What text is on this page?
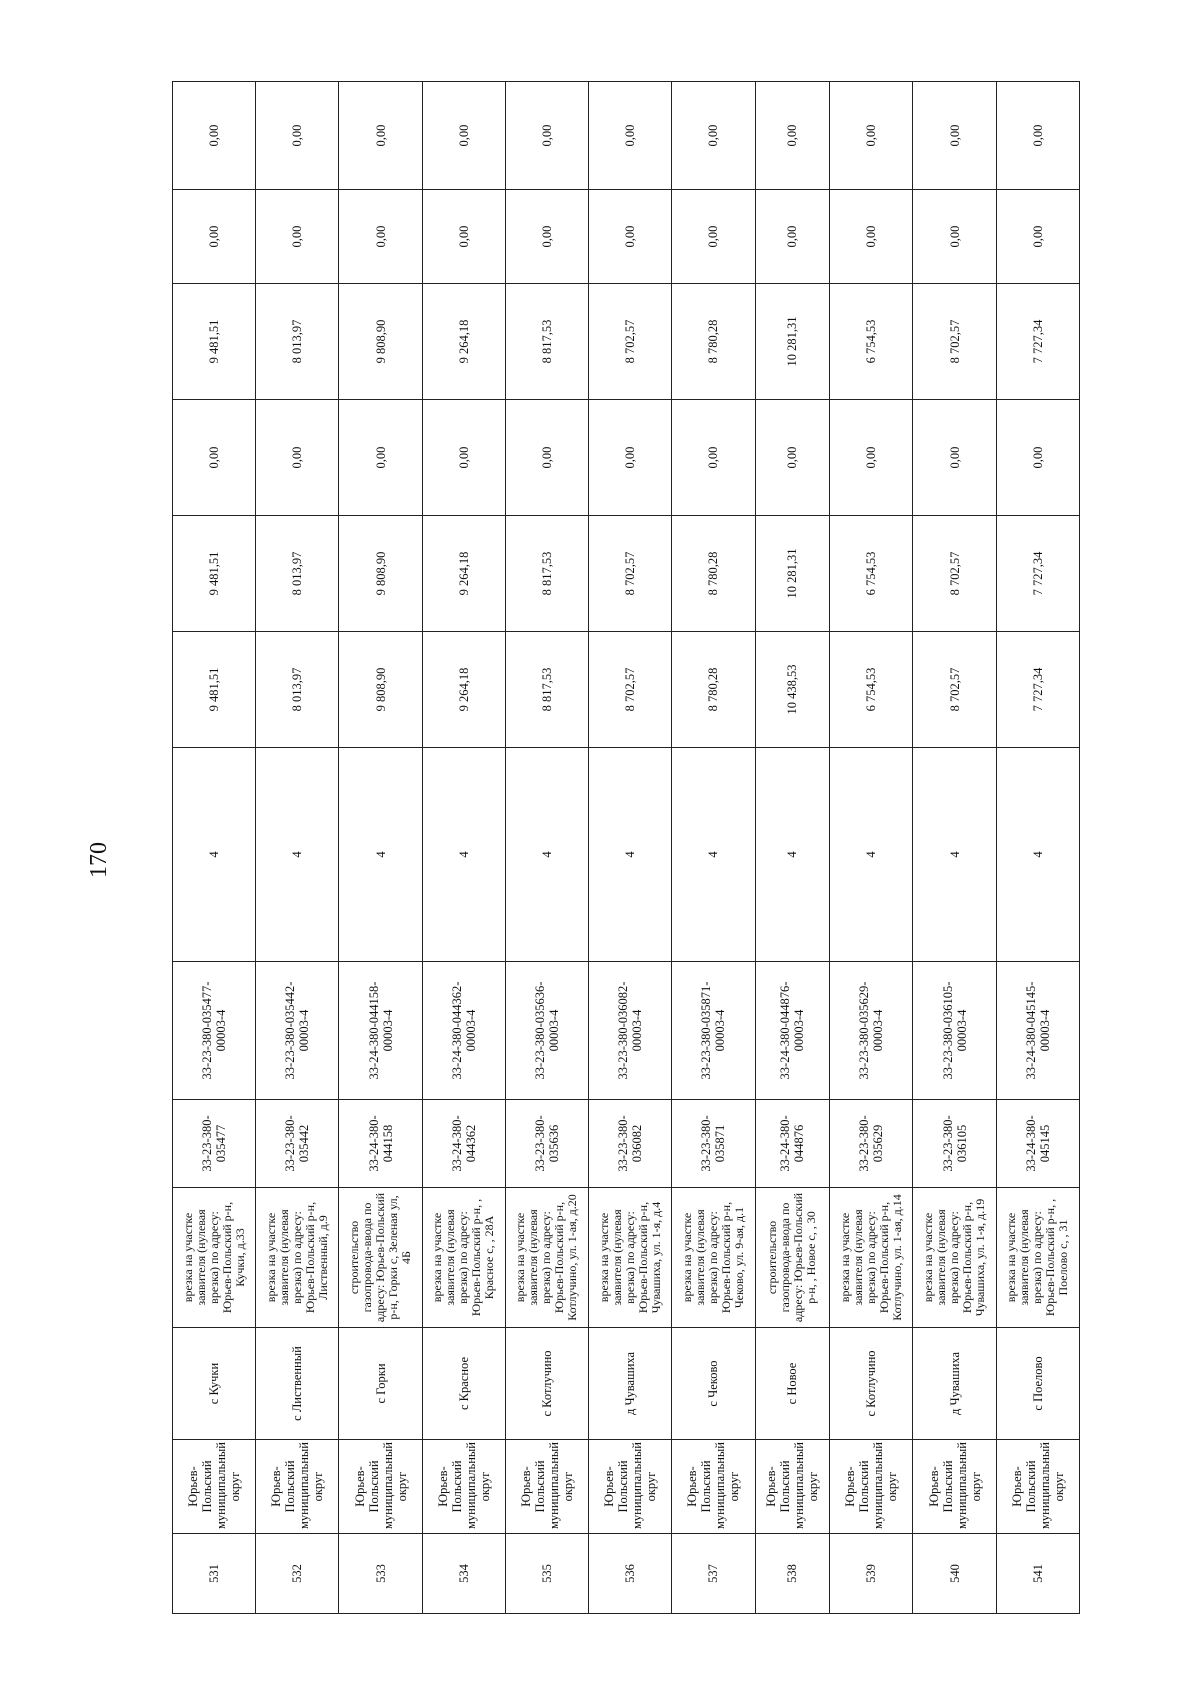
170
531	Юрьев-Польский муниципальный округ	с Кучки	врезка на участке заявителя (нулевая врезка) по адресу: Юрьев-Польский р-н, Кучки, д.33	33-23-380-035477	33-23-380-035477-00003-4	4	9 481,51	9 481,51	0,00	9 481,51	0,00	0,00
532	Юрьев-Польский муниципальный округ	с Лиственный	врезка на участке заявителя (нулевая врезка) по адресу: Юрьев-Польский р-н, Лиственный, д.9	33-23-380-035442	33-23-380-035442-00003-4	4	8 013,97	8 013,97	0,00	8 013,97	0,00	0,00
533	Юрьев-Польский муниципальный округ	с Горки	строительство газопровода-ввода по адресу: Юрьев-Польский р-н, Горки с, Зеленая ул, 4Б	33-24-380-044158	33-24-380-044158-00003-4	4	9 808,90	9 808,90	0,00	9 808,90	0,00	0,00
534	Юрьев-Польский муниципальный округ	с Красное	врезка на участке заявителя (нулевая врезка) по адресу: Юрьев-Польский р-н, , Красное с, , 28А	33-24-380-044362	33-24-380-044362-00003-4	4	9 264,18	9 264,18	0,00	9 264,18	0,00	0,00
535	Юрьев-Польский муниципальный округ	с Котлучино	врезка на участке заявителя (нулевая врезка) по адресу: Юрьев-Польский р-н, Котлучино, ул. 1-ая, д.20	33-23-380-035636	33-23-380-035636-00003-4	4	8 817,53	8 817,53	0,00	8 817,53	0,00	0,00
536	Юрьев-Польский муниципальный округ	д Чувашиха	врезка на участке заявителя (нулевая врезка) по адресу: Юрьев-Польский р-н, Чувашиха, ул. 1-я, д.4	33-23-380-036082	33-23-380-036082-00003-4	4	8 702,57	8 702,57	0,00	8 702,57	0,00	0,00
537	Юрьев-Польский муниципальный округ	с Чеково	врезка на участке заявителя (нулевая врезка) по адресу: Юрьев-Польский р-н, Чеково, ул. 9-ая, д.1	33-23-380-035871	33-23-380-035871-00003-4	4	8 780,28	8 780,28	0,00	8 780,28	0,00	0,00
538	Юрьев-Польский муниципальный округ	с Новое	строительство газопровода-ввода по адресу: Юрьев-Польский р-н, , Новое с, , 30	33-24-380-044876	33-24-380-044876-00003-4	4	10 438,53	10 281,31	0,00	10 281,31	0,00	0,00
539	Юрьев-Польский муниципальный округ	с Котлучино	врезка на участке заявителя (нулевая врезка) по адресу: Юрьев-Польский р-н, Котлучино, ул. 1-ая, д.14	33-23-380-035629	33-23-380-035629-00003-4	4	6 754,53	6 754,53	0,00	6 754,53	0,00	0,00
540	Юрьев-Польский муниципальный округ	д Чувашиха	врезка на участке заявителя (нулевая врезка) по адресу: Юрьев-Польский р-н, Чувашиха, ул. 1-я, д.19	33-23-380-036105	33-23-380-036105-00003-4	4	8 702,57	8 702,57	0,00	8 702,57	0,00	0,00
541	Юрьев-Польский муниципальный округ	с Поелово	врезка на участке заявителя (нулевая врезка) по адресу: Юрьев-Польский р-н, , Поелово с, , 31	33-24-380-045145	33-24-380-045145-00003-4	4	7 727,34	7 727,34	0,00	7 727,34	0,00	0,00
